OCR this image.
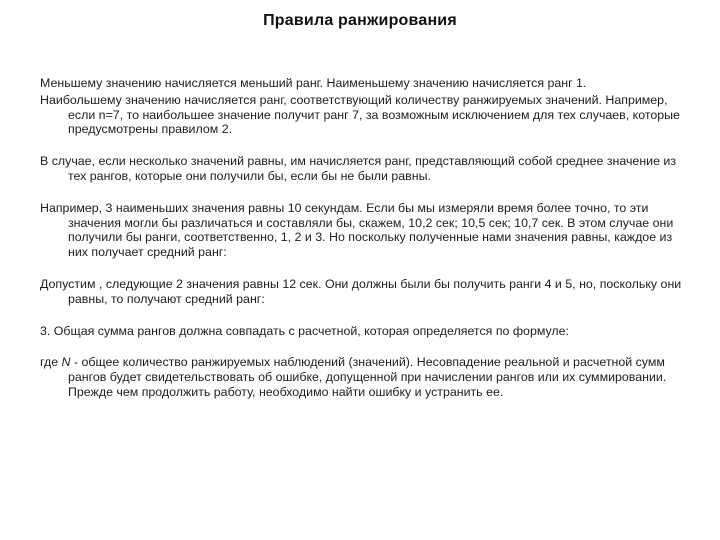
Правила ранжирования

Меньшему значению начисляется меньший ранг. Наименьшему значению начисляется ранг 1.

Наибольшему значению начисляется ранг, соответствующий количеству ранжируемых значений. Например, если n=7, то наибольшее значение получит ранг 7, за возможным исключением для тех случаев, которые предусмотрены правилом 2.

В случае, если несколько значений равны, им начисляется ранг, представляющий собой среднее значение из тех рангов, которые они получили бы, если бы не были равны.

Например, 3 наименьших значения равны 10 секундам. Если бы мы измеряли время более точно, то эти значения могли бы различаться и составляли бы, скажем, 10,2 сек; 10,5 сек; 10,7 сек. В этом случае они получили бы ранги, соответственно, 1, 2 и 3. Но поскольку полученные нами значения равны, каждое из них получает средний ранг:

Допустим , следующие 2 значения равны 12 сек. Они должны были бы получить ранги 4 и 5, но, поскольку они равны, то получают средний ранг:

3. Общая сумма рангов должна совпадать с расчетной, которая определяется по формуле:

где N - общее количество ранжируемых наблюдений (значений). Несовпадение реальной и расчетной сумм рангов будет свидетельствовать об ошибке, допущенной при начислении рангов или их суммировании. Прежде чем продолжить работу, необходимо найти ошибку и устранить ее.
